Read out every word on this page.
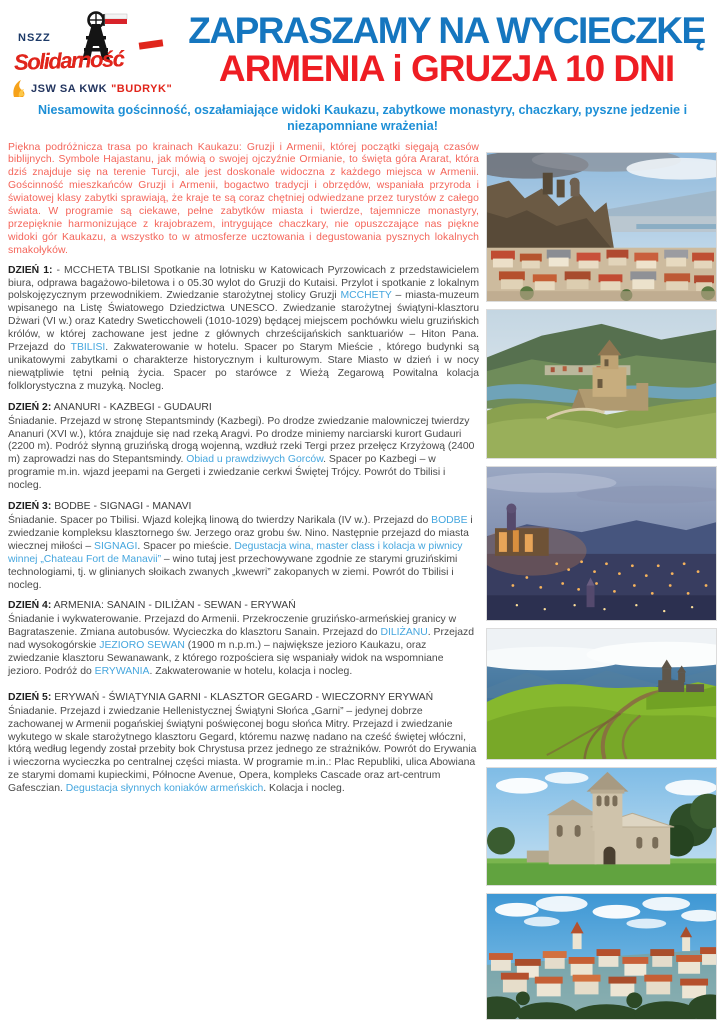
NSZZ
Solidarność
JSW SA KWK "BUDRYK"
ZAPRASZAMY NA WYCIECZKĘ
ARMENIA i GRUZJA 10 DNI
Niesamowita gościnność, oszałamiające widoki Kaukazu, zabytkowe monastyry, chaczkary, pyszne jedzenie i niezapomniane wrażenia!

Piękna podróżnicza trasa po krainach Kaukazu: Gruzji i Armenii, której początki sięgają czasów biblijnych. Symbole Hajastanu, jak mówią o swojej ojczyźnie Ormianie, to święta góra Ararat, która dziś znajduje się na terenie Turcji, ale jest doskonale widoczna z każdego miejsca w Armenii. Gościnność mieszkańców Gruzji i Armenii, bogactwo tradycji i obrzędów, wspaniała przyroda i światowej klasy zabytki sprawiają, że kraje te są coraz chętniej odwiedzane przez turystów z całego świata. W programie są ciekawe, pełne zabytków miasta i twierdze, tajemnicze monastyry, przepięknie harmonizujące z krajobrazem, intrygujące chaczkary, nie opuszczające nas piękne widoki gór Kaukazu, a wszystko to w atmosferze ucztowania i degustowania pysznych lokalnych smakołyków.

DZIEŃ 1: - MCCHETA TBLISI Spotkanie na lotnisku w Katowicach Pyrzowicach z przedstawicielem biura, odprawa bagażowo-biletowa i o 05.30 wylot do Gruzji do Kutaisi. Przylot i spotkanie z lokalnym polskojęzycznym przewodnikiem. Zwiedzanie starożytnej stolicy Gruzji MCCHETY – miasta-muzeum wpisanego na Listę Światowego Dziedzictwa UNESCO. Zwiedzanie starożytnej świątyni-klasztoru Dżwari (VI w.) oraz Katedry Sweticchoweli (1010-1029) będącej miejscem pochówku wielu gruzińskich królów, w której zachowane jest jedne z głównych chrześcijańskich sanktuariów – Hiton Pana. Przejazd do TBILISI. Zakwaterowanie w hotelu. Spacer po Starym Mieście , którego budynki są unikatowymi zabytkami o charakterze historycznym i kulturowym. Stare Miasto w dzień i w nocy niewątpliwie tętni pełnią życia. Spacer po starówce z Wieżą Zegarową Powitalna kolacja folklorystyczna z muzyką. Nocleg.

DZIEŃ 2: ANANURI - KAZBEGI - GUDAURI

Śniadanie. Przejazd w stronę Stepantsmindy (Kazbegi). Po drodze zwiedzanie malowniczej twierdzy Ananuri (XVI w.), która znajduje się nad rzeką Aragvi. Po drodze miniemy narciarski kurort Gudauri (2200 m). Podróż słynną gruzińską drogą wojenną, wzdłuż rzeki Tergi przez przełęcz Krzyżową (2400 m) zaprowadzi nas do Stepantsmindy. Obiad u prawdziwych Gorców. Spacer po Kazbegi – w programie m.in. wjazd jeepami na Gergeti i zwiedzanie cerkwi Świętej Trójcy. Powrót do Tbilisi i nocleg.

DZIEŃ 3: BODBE - SIGNAGI - MANAVI

Śniadanie. Spacer po Tbilisi. Wjazd kolejką linową do twierdzy Narikala (IV w.). Przejazd do BODBE i zwiedzanie kompleksu klasztornego św. Jerzego oraz grobu św. Nino. Następnie przejazd do miasta wiecznej miłości – SIGNAGI. Spacer po mieście. Degustacja wina, master class i kolacja w piwnicy winnej „Chateau Fort de Manavii” – wino tutaj jest przechowywane zgodnie ze starymi gruzińskimi technologiami, tj. w glinianych słoikach zwanych „kwewri” zakopanych w ziemi. Powrót do Tbilisi i nocleg.

DZIEŃ 4: ARMENIA: SANAIN - DILIŻAN - SEWAN - ERYWAŃ

Śniadanie i wykwaterowanie. Przejazd do Armenii. Przekroczenie gruzińsko-armeńskiej granicy w Bagrataszenie. Zmiana autobusów. Wycieczka do klasztoru Sanain. Przejazd do DILIŻANU. Przejazd nad wysokogórskie JEZIORO SEWAN (1900 m n.p.m.) – największe jezioro Kaukazu, oraz zwiedzanie klasztoru Sewanawank, z którego rozpościera się wspaniały widok na wspomniane jezioro. Podróż do ERYWANIA. Zakwaterowanie w hotelu, kolacja i nocleg.

DZIEŃ 5: ERYWAŃ - ŚWIĄTYNIA GARNI - KLASZTOR GEGARD - WIECZORNY ERYWAŃ

Śniadanie. Przejazd i zwiedzanie Hellenistycznej Świątyni Słońca „Garni” – jedynej dobrze zachowanej w Armenii pogańskiej świątyni poświęconej bogu słońca Mitry. Przejazd i zwiedzanie wykutego w skale starożytnego klasztoru Gegard, któremu nazwę nadano na cześć świętej włóczni, którą według legendy został przebity bok Chrystusa przez jednego ze strażników. Powrót do Erywania i wieczorna wycieczka po centralnej części miasta. W programie m.in.: Plac Republiki, ulica Abowiana ze starymi domami kupieckimi, Północne Avenue, Opera, kompleks Cascade oraz art-centrum Gafesczian. Degustacja słynnych koniaków armeńskich. Kolacja i nocleg.
